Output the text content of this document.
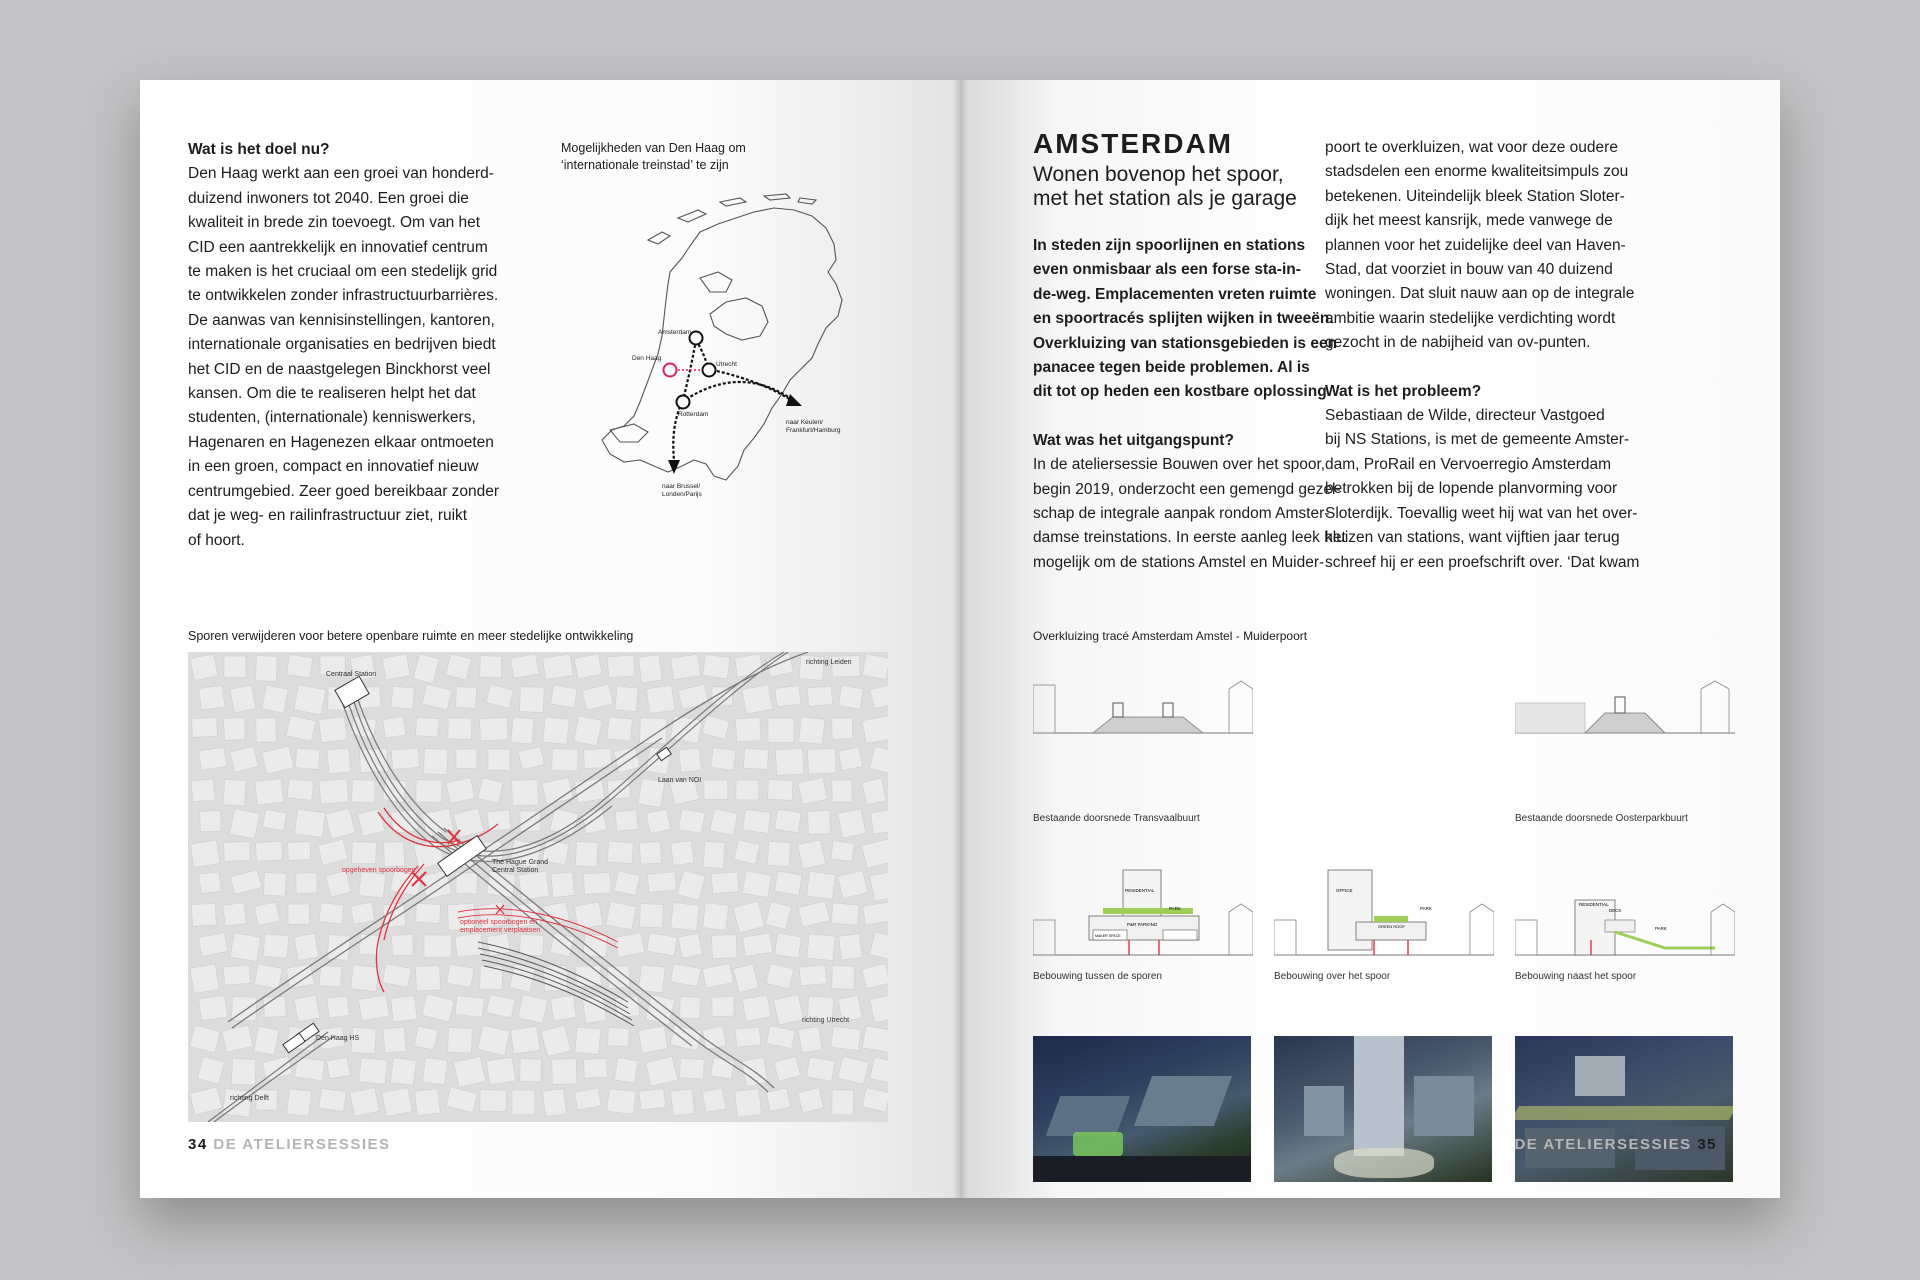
Wat is het doel nu?

Den Haag werkt aan een groei van honderd-
duizend inwoners tot 2040. Een groei die
kwaliteit in brede zin toevoegt. Om van het
CID een aantrekkelijk en innovatief centrum
te maken is het cruciaal om een stedelijk grid
te ontwikkelen zonder infrastructuurbarrières.
De aanwas van kennisinstellingen, kantoren,
internationale organisaties en bedrijven biedt
het CID en de naastgelegen Binckhorst veel
kansen. Om die te realiseren helpt het dat
studenten, (internationale) kenniswerkers,
Hagenaren en Hagenezen elkaar ontmoeten
in een groen, compact en innovatief nieuw
centrumgebied. Zeer goed bereikbaar zonder
dat je weg- en railinfrastructuur ziet, ruikt
of hoort.
Mogelijkheden van Den Haag om
‘internationale treinstad’ te zijn
Amsterdam
Den Haag
Utrecht
Rotterdam
naar Keulen/
Frankfurt/Hamburg
naar Brussel/
Londen/Parijs
Sporen verwijderen voor betere openbare ruimte en meer stedelijke ontwikkeling
Centraal Station
richting Leiden
Laan van NOI
The Hague Grand
Central Station
opgeheven spoorbogen
optioneel spoorbogen en
emplacement verplaatsen
richting Utrecht
Den Haag HS
richting Delft
34 DE ATELIERSESSIES
AMSTERDAM
Wonen bovenop het spoor,
met het station als je garage
In steden zijn spoorlijnen en stations
even onmisbaar als een forse sta-in-
de-weg. Emplacementen vreten ruimte
en spoortracés splijten wijken in tweeën.
Overkluizing van stationsgebieden is een
panacee tegen beide problemen. Al is
dit tot op heden een kostbare oplossing.

Wat was het uitgangspunt?

In de ateliersessie Bouwen over het spoor,
begin 2019, onderzocht een gemengd gezel-
schap de integrale aanpak rondom Amster-
damse treinstations. In eerste aanleg leek het
mogelijk om de stations Amstel en Muider-
poort te overkluizen, wat voor deze oudere
stadsdelen een enorme kwaliteitsimpuls zou
betekenen. Uiteindelijk bleek Station Sloter-
dijk het meest kansrijk, mede vanwege de
plannen voor het zuidelijke deel van Haven-
Stad, dat voorziet in bouw van 40 duizend
woningen. Dat sluit nauw aan op de integrale
ambitie waarin stedelijke verdichting wordt
gezocht in de nabijheid van ov-punten.

Wat is het probleem?

Sebastiaan de Wilde, directeur Vastgoed
bij NS Stations, is met de gemeente Amster-
dam, ProRail en Vervoerregio Amsterdam
betrokken bij de lopende planvorming voor
Sloterdijk. Toevallig weet hij wat van het over-
kluizen van stations, want vijftien jaar terug
schreef hij er een proefschrift over. ‘Dat kwam
Overkluizing tracé Amsterdam Amstel - Muiderpoort
Bestaande doorsnede Transvaalbuurt	Bestaande doorsnede Oosterparkbuurt
RESIDENTIAL
PARK
P&R PARKING
MAKER SPACE
Bebouwing tussen de sporen
OFFICE
GREEN ROOF
PARK
Bebouwing over het spoor
RESIDENTIAL
DECK
PARK
Bebouwing naast het spoor
DE ATELIERSESSIES 35
